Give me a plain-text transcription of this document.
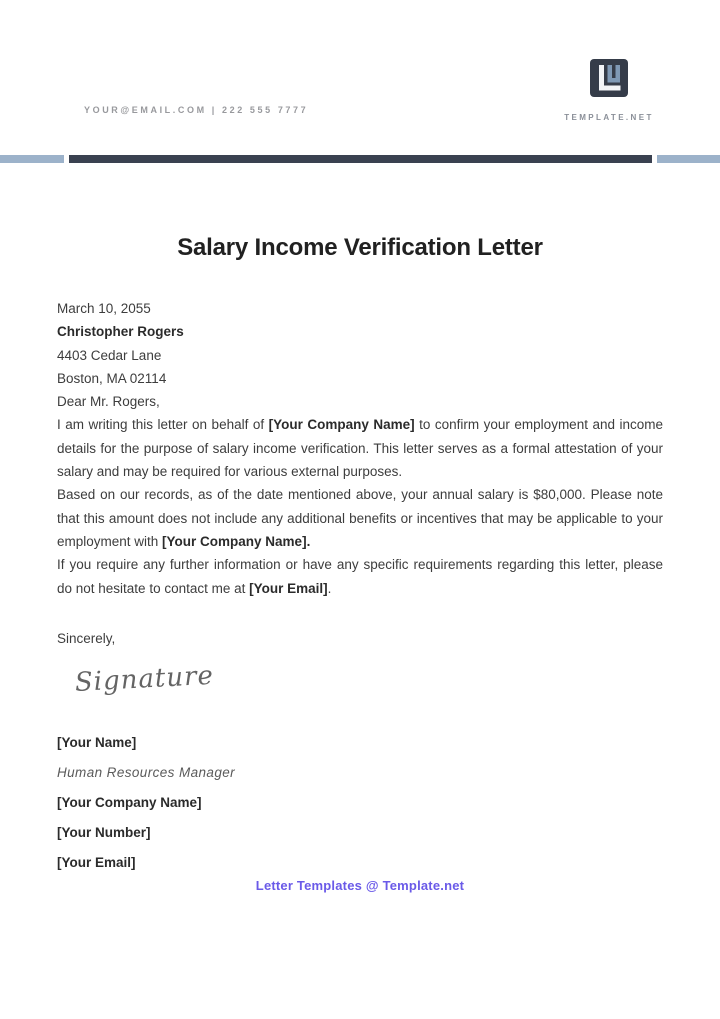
YOUR@EMAIL.COM | 222 555 7777
TEMPLATE.NET
Salary Income Verification Letter

March 10, 2055

Christopher Rogers

4403 Cedar Lane

Boston, MA 02114

Dear Mr. Rogers,

I am writing this letter on behalf of [Your Company Name] to confirm your employment and income details for the purpose of salary income verification. This letter serves as a formal attestation of your salary and may be required for various external purposes.

Based on our records, as of the date mentioned above, your annual salary is $80,000. Please note that this amount does not include any additional benefits or incentives that may be applicable to your employment with [Your Company Name].

If you require any further information or have any specific requirements regarding this letter, please do not hesitate to contact me at [Your Email].

Sincerely,

Signature
[Your Name]
Human Resources Manager
[Your Company Name]
[Your Number]
[Your Email]
Letter Templates @ Template.net
